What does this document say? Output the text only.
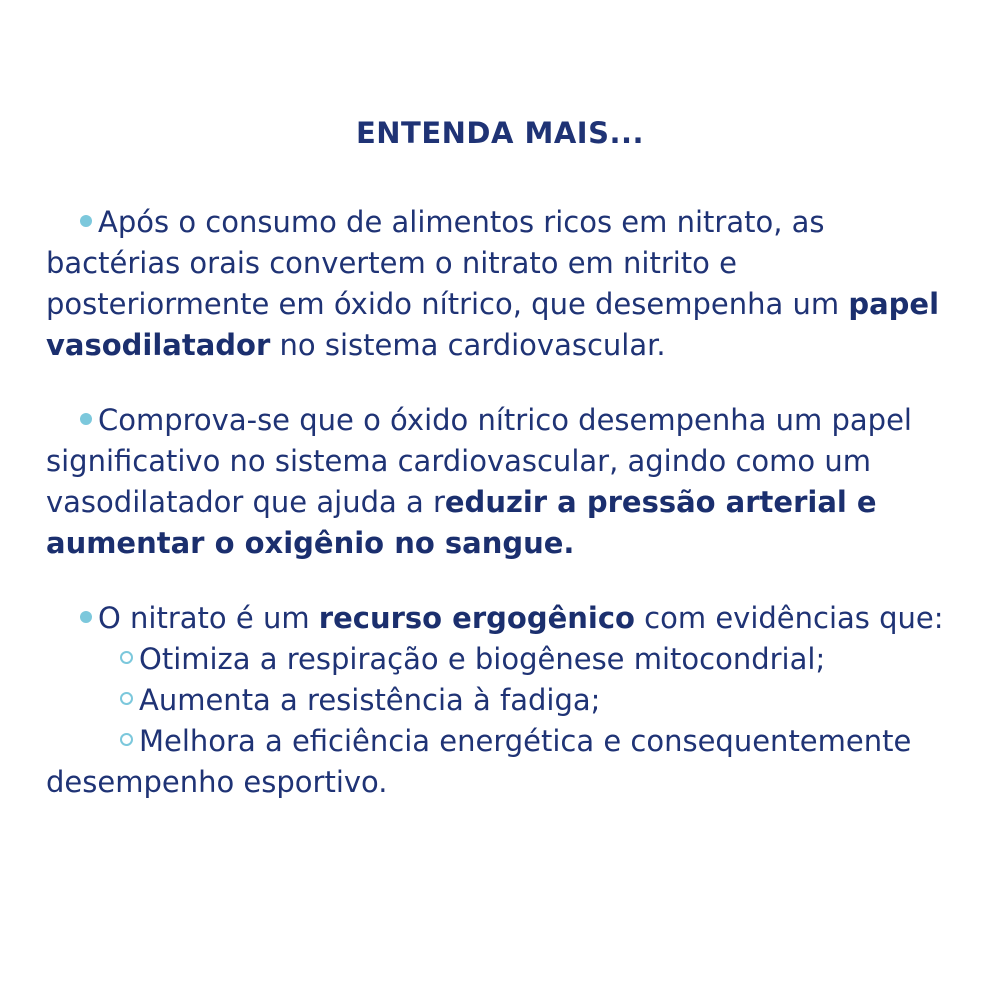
ENTENDA MAIS...

Após o consumo de alimentos ricos em nitrato, as bactérias orais convertem o nitrato em nitrito e posteriormente em óxido nítrico, que desempenha um papel vasodilatador no sistema cardiovascular.

Comprova-se que o óxido nítrico desempenha um papel significativo no sistema cardiovascular, agindo como um vasodilatador que ajuda a reduzir a pressão arterial e aumentar o oxigênio no sangue.

O nitrato é um recurso ergogênico com evidências que:
Otimiza a respiração e biogênese mitocondrial;
Aumenta a resistência à fadiga;
Melhora a eficiência energética e consequentemente desempenho esportivo.
